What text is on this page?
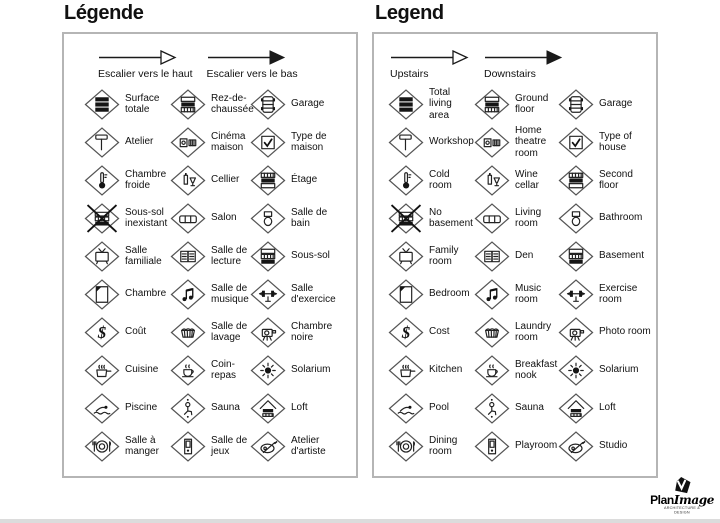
Légende	Legend
Escalier vers le haut Escalier vers le bas
Surface totale
Rez-de-chaussée
Garage
Atelier
Cinéma maison
Type de maison
Chambre froide
Cellier	Étage
Sous-sol inexistant
Salon
Salle de bain
Salle familiale
Salle de lecture
Sous-sol
Chambre
Salle de musique
Salle d'exercice
Coût
Salle de lavage
Chambre noire
Cuisine
Coin-repas
Solarium
Piscine	Sauna	Loft
Salle à manger
Salle de jeux
Atelier d'artiste
Upstairs	Downstairs
Total living area
Ground floor
Garage
Workshop
Home theatre room
Type of house
Cold room
Wine cellar
Second floor
No basement
Living room
Bathroom
Family room
Den	Basement
Bedroom
Music room
Exercise room
Cost
Laundry room
Photo room
Kitchen
Breakfast nook
Solarium
Pool	Sauna	Loft
Dining room
Playroom	Studio
PlanImage
ARCHITECTURE & DESIGN
